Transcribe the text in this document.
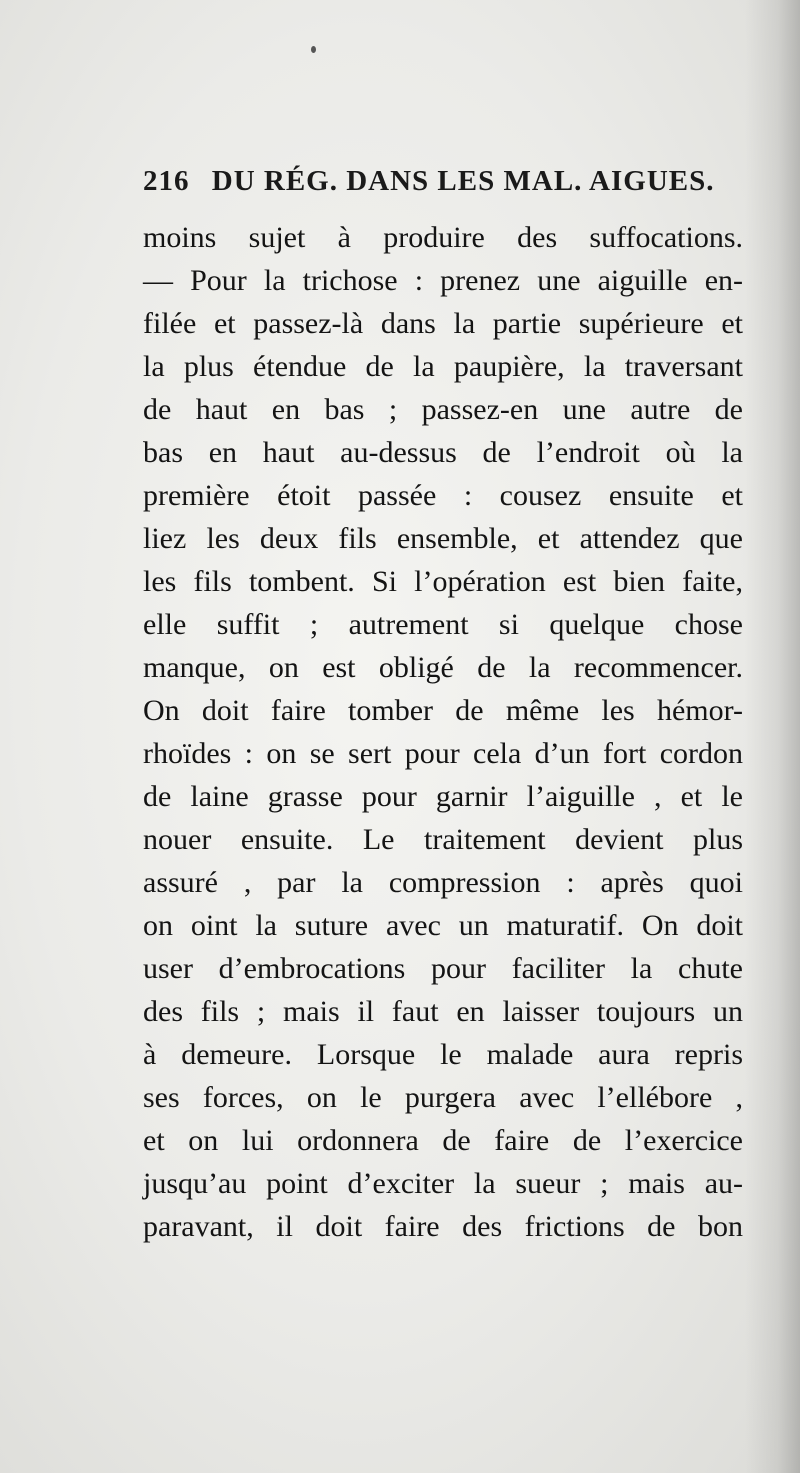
216 DU RÉG. DANS LES MAL. AIGUES.
moins sujet à produire des suffocations.
— Pour la trichose : prenez une aiguille en-
filée et passez-là dans la partie supérieure et
la plus étendue de la paupière, la traversant
de haut en bas ; passez-en une autre de
bas en haut au-dessus de l’endroit où la
première étoit passée : cousez ensuite et
liez les deux fils ensemble, et attendez que
les fils tombent. Si l’opération est bien faite,
elle suffit ; autrement si quelque chose
manque, on est obligé de la recommencer.
On doit faire tomber de même les hémor-
rhoïdes : on se sert pour cela d’un fort cordon
de laine grasse pour garnir l’aiguille , et le
nouer ensuite. Le traitement devient plus
assuré , par la compression : après quoi
on oint la suture avec un maturatif. On doit
user d’embrocations pour faciliter la chute
des fils ; mais il faut en laisser toujours un
à demeure. Lorsque le malade aura repris
ses forces, on le purgera avec l’ellébore ,
et on lui ordonnera de faire de l’exercice
jusqu’au point d’exciter la sueur ; mais au-
paravant, il doit faire des frictions de bon
